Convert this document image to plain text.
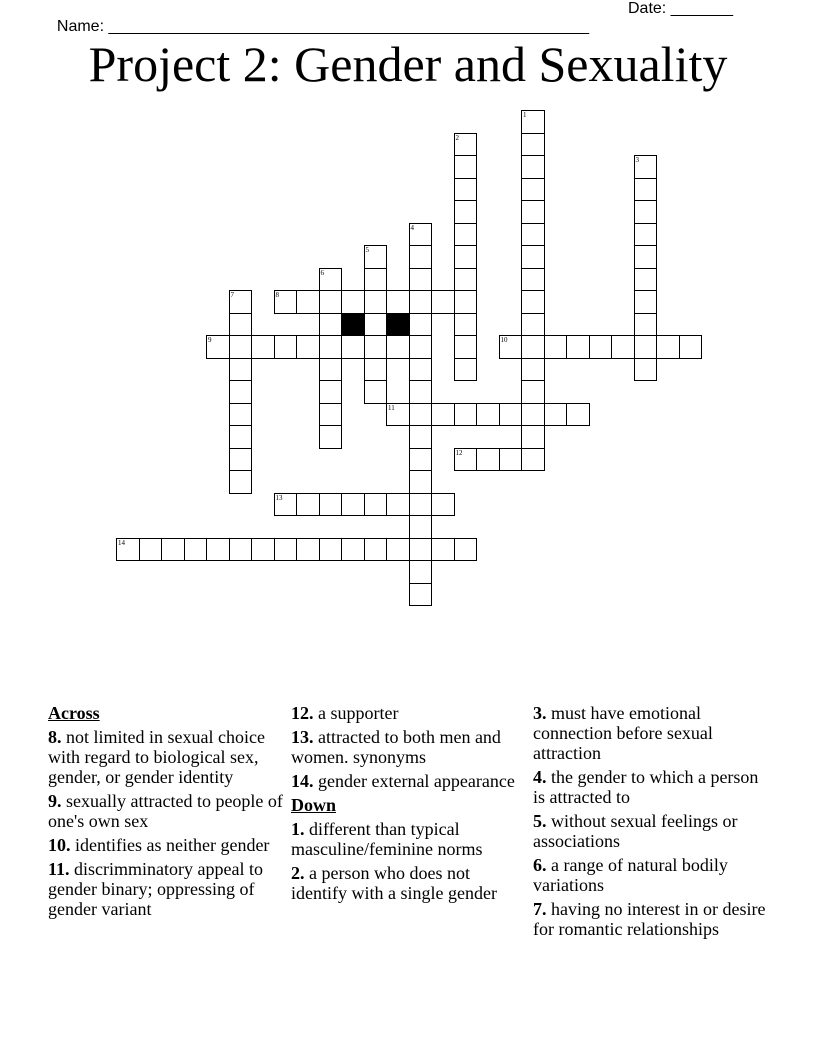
Name: ______________________________________________________

Date: _______

Project 2: Gender and Sexuality
1
2
3
4
5
6
7	8
9	10
11
12
13
14
Across
8. not limited in sexual choice with regard to biological sex, gender, or gender identity
9. sexually attracted to people of one's own sex
10. identifies as neither gender
11. discrimminatory appeal to gender binary; oppressing of gender variant
12. a supporter
13. attracted to both men and women. synonyms
14. gender external appearance
Down
1. different than typical masculine/feminine norms
2. a person who does not identify with a single gender
3. must have emotional connection before sexual attraction
4. the gender to which a person is attracted to
5. without sexual feelings or associations
6. a range of natural bodily variations
7. having no interest in or desire for romantic relationships
